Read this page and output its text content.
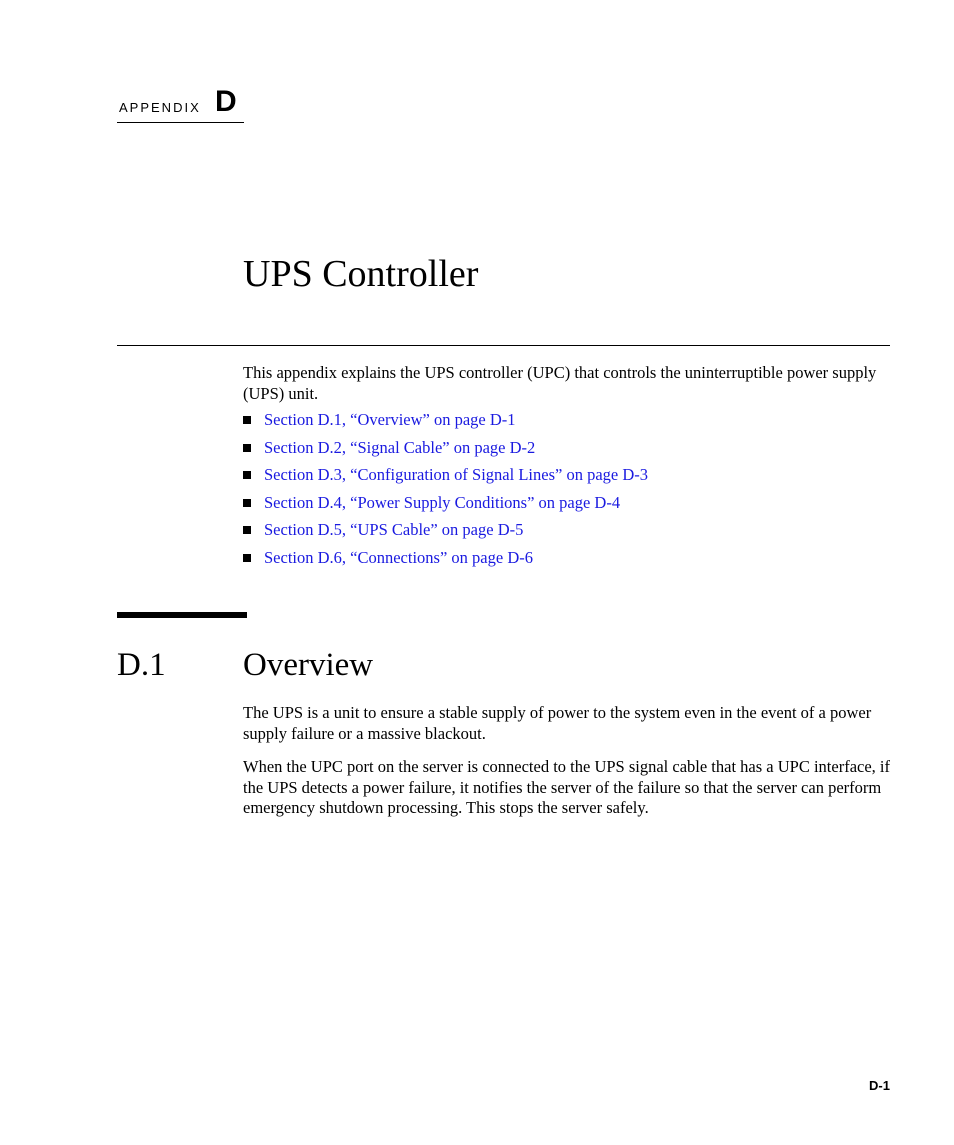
APPENDIX D
UPS Controller

This appendix explains the UPS controller (UPC) that controls the uninterruptible power supply (UPS) unit.

Section D.1, “Overview” on page D-1
Section D.2, “Signal Cable” on page D-2
Section D.3, “Configuration of Signal Lines” on page D-3
Section D.4, “Power Supply Conditions” on page D-4
Section D.5, “UPS Cable” on page D-5
Section D.6, “Connections” on page D-6
D.1 Overview

The UPS is a unit to ensure a stable supply of power to the system even in the event of a power supply failure or a massive blackout.

When the UPC port on the server is connected to the UPS signal cable that has a UPC interface, if the UPS detects a power failure, it notifies the server of the failure so that the server can perform emergency shutdown processing. This stops the server safely.

D-1
